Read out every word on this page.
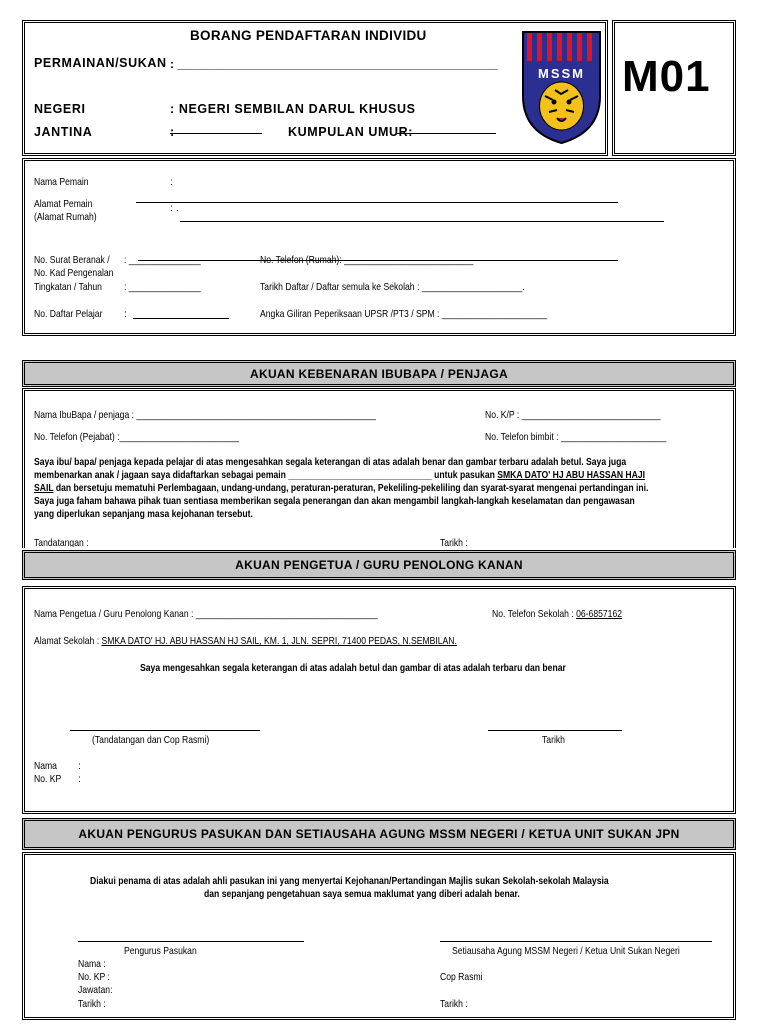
BORANG PENDAFTARAN INDIVIDU
PERMAINAN/SUKAN : ________________________________________________
NEGERI	: NEGERI SEMBILAN DARUL KHUSUS
JANTINA	:	KUMPULAN UMUR:
MSSM M01
Nama Pemain	:
Alamat Pemain
(Alamat Rumah)
: .
No. Surat Beranak / : _______________
No. Kad Pengenalan
No. Telefon (Rumah): ___________________________
Tingkatan / Tahun : _______________	Tarikh Daftar / Daftar semula ke Sekolah : _____________________.
No. Daftar Pelajar :	Angka Giliran Peperiksaan UPSR /PT3 / SPM : ______________________
AKUAN KEBENARAN IBUBAPA / PENJAGA
Nama IbuBapa / penjaga : __________________________________________________	No. K/P : _____________________________
No. Telefon (Pejabat) :_________________________	No. Telefon bimbit : ______________________
Saya ibu/ bapa/ penjaga kepada pelajar di atas mengesahkan segala keterangan di atas adalah benar dan gambar terbaru adalah betul. Saya juga
membenarkan anak / jagaan saya didaftarkan sebagai pemain ______________________________ untuk pasukan SMKA DATO' HJ ABU HASSAN HAJI
SAIL dan bersetuju mematuhi Perlembagaan, undang-undang, peraturan-peraturan, Pekeliling-pekeliling dan syarat-syarat mengenai pertandingan ini.
Saya juga faham bahawa pihak tuan sentiasa memberikan segala penerangan dan akan mengambil langkah-langkah keselamatan dan pengawasan
yang diperlukan sepanjang masa kejohanan tersebut.
Tandatangan :	Tarikh :
AKUAN PENGETUA / GURU PENOLONG KANAN
Nama Pengetua / Guru Penolong Kanan : ______________________________________	No. Telefon Sekolah : 06-6857162
Alamat Sekolah : SMKA DATO' HJ. ABU HASSAN HJ SAIL, KM. 1, JLN. SEPRI, 71400 PEDAS, N.SEMBILAN.
Saya mengesahkan segala keterangan di atas adalah betul dan gambar di atas adalah terbaru dan benar
(Tandatangan dan Cop Rasmi)	Tarikh
Nama :
No. KP :
AKUAN PENGURUS PASUKAN DAN SETIAUSAHA AGUNG MSSM NEGERI / KETUA UNIT SUKAN JPN
Diakui penama di atas adalah ahli pasukan ini yang menyertai Kejohanan/Pertandingan Majlis sukan Sekolah-sekolah Malaysia
dan sepanjang pengetahuan saya semua maklumat yang diberi adalah benar.
Pengurus Pasukan	Setiausaha Agung MSSM Negeri / Ketua Unit Sukan Negeri
Nama :
No. KP :
Jawatan:
Tarikh :
Cop Rasmi
Tarikh :
